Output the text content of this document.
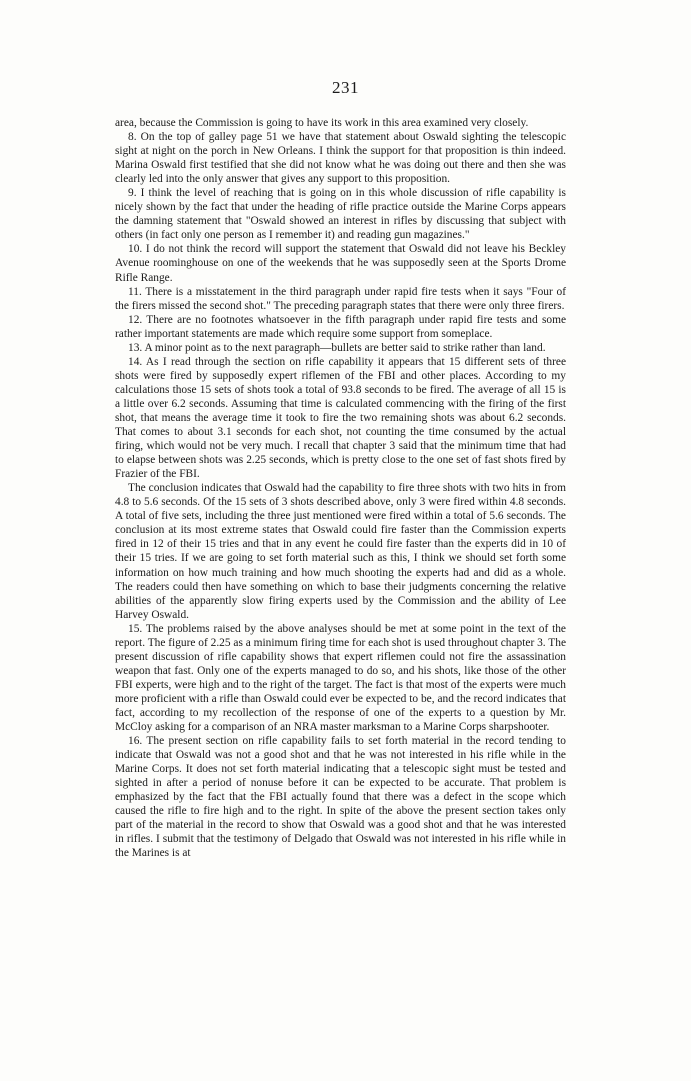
231

area, because the Commission is going to have its work in this area examined very closely.

8. On the top of galley page 51 we have that statement about Oswald sighting the telescopic sight at night on the porch in New Orleans. I think the support for that proposition is thin indeed. Marina Oswald first testified that she did not know what he was doing out there and then she was clearly led into the only answer that gives any support to this proposition.

9. I think the level of reaching that is going on in this whole discussion of rifle capability is nicely shown by the fact that under the heading of rifle practice outside the Marine Corps appears the damning statement that "Oswald showed an interest in rifles by discussing that subject with others (in fact only one person as I remember it) and reading gun magazines."

10. I do not think the record will support the statement that Oswald did not leave his Beckley Avenue roominghouse on one of the weekends that he was supposedly seen at the Sports Drome Rifle Range.

11. There is a misstatement in the third paragraph under rapid fire tests when it says "Four of the firers missed the second shot." The preceding paragraph states that there were only three firers.

12. There are no footnotes whatsoever in the fifth paragraph under rapid fire tests and some rather important statements are made which require some support from someplace.

13. A minor point as to the next paragraph—bullets are better said to strike rather than land.

14. As I read through the section on rifle capability it appears that 15 different sets of three shots were fired by supposedly expert riflemen of the FBI and other places. According to my calculations those 15 sets of shots took a total of 93.8 seconds to be fired. The average of all 15 is a little over 6.2 seconds. Assuming that time is calculated commencing with the firing of the first shot, that means the average time it took to fire the two remaining shots was about 6.2 seconds. That comes to about 3.1 seconds for each shot, not counting the time consumed by the actual firing, which would not be very much. I recall that chapter 3 said that the minimum time that had to elapse between shots was 2.25 seconds, which is pretty close to the one set of fast shots fired by Frazier of the FBI.

The conclusion indicates that Oswald had the capability to fire three shots with two hits in from 4.8 to 5.6 seconds. Of the 15 sets of 3 shots described above, only 3 were fired within 4.8 seconds. A total of five sets, including the three just mentioned were fired within a total of 5.6 seconds. The conclusion at its most extreme states that Oswald could fire faster than the Commission experts fired in 12 of their 15 tries and that in any event he could fire faster than the experts did in 10 of their 15 tries. If we are going to set forth material such as this, I think we should set forth some information on how much training and how much shooting the experts had and did as a whole. The readers could then have something on which to base their judgments concerning the relative abilities of the apparently slow firing experts used by the Commission and the ability of Lee Harvey Oswald.

15. The problems raised by the above analyses should be met at some point in the text of the report. The figure of 2.25 as a minimum firing time for each shot is used throughout chapter 3. The present discussion of rifle capability shows that expert riflemen could not fire the assassination weapon that fast. Only one of the experts managed to do so, and his shots, like those of the other FBI experts, were high and to the right of the target. The fact is that most of the experts were much more proficient with a rifle than Oswald could ever be expected to be, and the record indicates that fact, according to my recollection of the response of one of the experts to a question by Mr. McCloy asking for a comparison of an NRA master marksman to a Marine Corps sharpshooter.

16. The present section on rifle capability fails to set forth material in the record tending to indicate that Oswald was not a good shot and that he was not interested in his rifle while in the Marine Corps. It does not set forth material indicating that a telescopic sight must be tested and sighted in after a period of nonuse before it can be expected to be accurate. That problem is emphasized by the fact that the FBI actually found that there was a defect in the scope which caused the rifle to fire high and to the right. In spite of the above the present section takes only part of the material in the record to show that Oswald was a good shot and that he was interested in rifles. I submit that the testimony of Delgado that Oswald was not interested in his rifle while in the Marines is at
